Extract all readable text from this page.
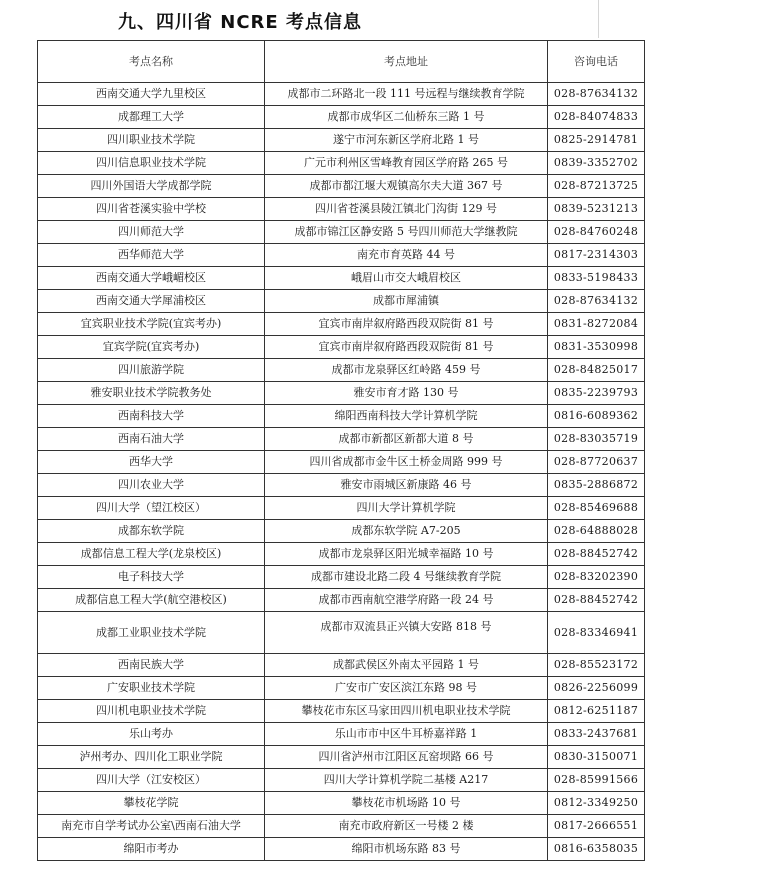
九、四川省 NCRE 考点信息
考点名称	考点地址	咨询电话
西南交通大学九里校区	成都市二环路北一段 111 号远程与继续教育学院	028-87634132
成都理工大学	成都市成华区二仙桥东三路 1 号	028-84074833
四川职业技术学院	遂宁市河东新区学府北路 1 号	0825-2914781
四川信息职业技术学院	广元市利州区雪峰教育园区学府路 265 号	0839-3352702
四川外国语大学成都学院	成都市都江堰大观镇高尔夫大道 367 号	028-87213725
四川省苍溪实验中学校	四川省苍溪县陵江镇北门沟街 129 号	0839-5231213
四川师范大学	成都市锦江区静安路 5 号四川师范大学继教院	028-84760248
西华师范大学	南充市育英路 44 号	0817-2314303
西南交通大学峨嵋校区	峨眉山市交大峨眉校区	0833-5198433
西南交通大学犀浦校区	成都市犀浦镇	028-87634132
宜宾职业技术学院(宜宾考办)	宜宾市南岸叙府路西段双院街 81 号	0831-8272084
宜宾学院(宜宾考办)	宜宾市南岸叙府路西段双院街 81 号	0831-3530998
四川旅游学院	成都市龙泉驿区红岭路 459 号	028-84825017
雅安职业技术学院教务处	雅安市育才路 130 号	0835-2239793
西南科技大学	绵阳西南科技大学计算机学院	0816-6089362
西南石油大学	成都市新都区新都大道 8 号	028-83035719
西华大学	四川省成都市金牛区土桥金周路 999 号	028-87720637
四川农业大学	雅安市雨城区新康路 46 号	0835-2886872
四川大学（望江校区）	四川大学计算机学院	028-85469688
成都东软学院	成都东软学院 A7-205	028-64888028
成都信息工程大学(龙泉校区)	成都市龙泉驿区阳光城幸福路 10 号	028-88452742
电子科技大学	成都市建设北路二段 4 号继续教育学院	028-83202390
成都信息工程大学(航空港校区)	成都市西南航空港学府路一段 24 号	028-88452742
成都工业职业技术学院	成都市双流县正兴镇大安路 818 号	028-83346941
西南民族大学	成都武侯区外南太平园路 1 号	028-85523172
广安职业技术学院	广安市广安区滨江东路 98 号	0826-2256099
四川机电职业技术学院	攀枝花市东区马家田四川机电职业技术学院	0812-6251187
乐山考办	乐山市市中区牛耳桥嘉祥路 1	0833-2437681
泸州考办、四川化工职业学院	四川省泸州市江阳区瓦窑坝路 66 号	0830-3150071
四川大学（江安校区）	四川大学计算机学院二基楼 A217	028-85991566
攀枝花学院	攀枝花市机场路 10 号	0812-3349250
南充市自学考试办公室\西南石油大学	南充市政府新区一号楼 2 楼	0817-2666551
绵阳市考办	绵阳市机场东路 83 号	0816-6358035
